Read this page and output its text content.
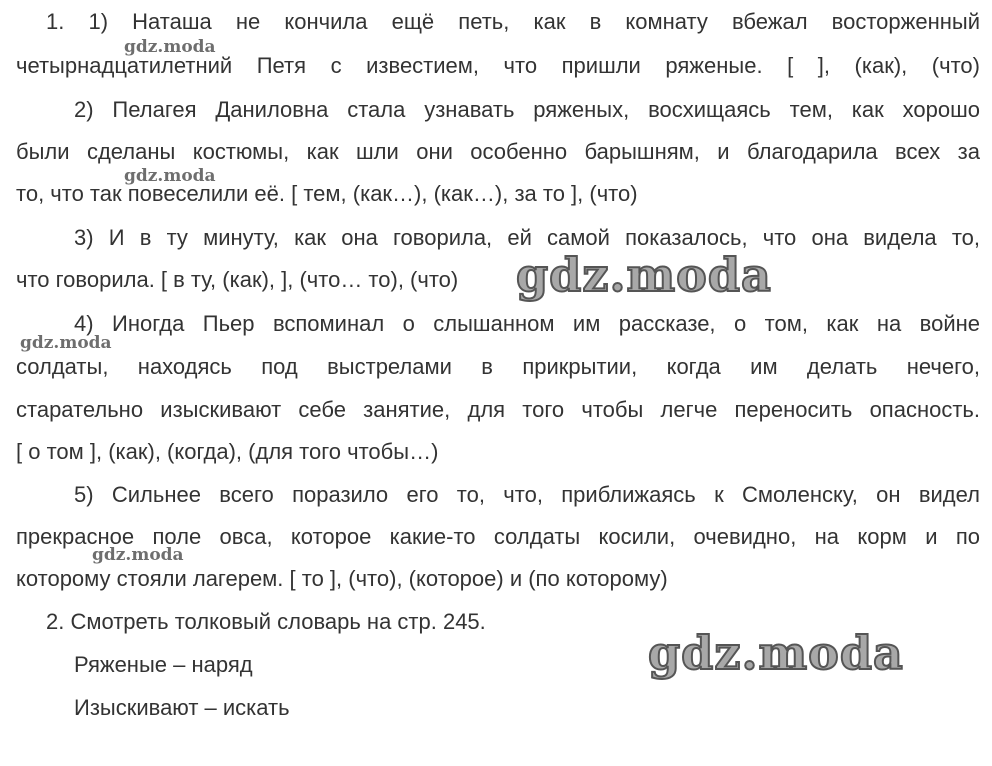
1. 1) Наташа не кончила ещё петь, как в комнату вбежал восторженный
четырнадцатилетний Петя с известием, что пришли ряженые. [ ], (как), (что)
2) Пелагея Даниловна стала узнавать ряженых, восхищаясь тем, как хорошо
были сделаны костюмы, как шли они особенно барышням, и благодарила всех за
то, что так повеселили её. [ тем, (как…), (как…), за то ], (что)
3) И в ту минуту, как она говорила, ей самой показалось, что она видела то,
что говорила. [ в ту, (как), ], (что… то), (что)
4) Иногда Пьер вспоминал о слышанном им рассказе, о том, как на войне
солдаты, находясь под выстрелами в прикрытии, когда им делать нечего,
старательно изыскивают себе занятие, для того чтобы легче переносить опасность.
[ о том ], (как), (когда), (для того чтобы…)
5) Сильнее всего поразило его то, что, приближаясь к Смоленску, он видел
прекрасное поле овса, которое какие-то солдаты косили, очевидно, на корм и по
которому стояли лагерем. [ то ], (что), (которое) и (по которому)
2. Смотреть толковый словарь на стр. 245.
Ряженые – наряд
Изыскивают – искать
gdz.moda
gdz.moda
gdz.moda
gdz.moda
gdz.moda
gdz.moda
